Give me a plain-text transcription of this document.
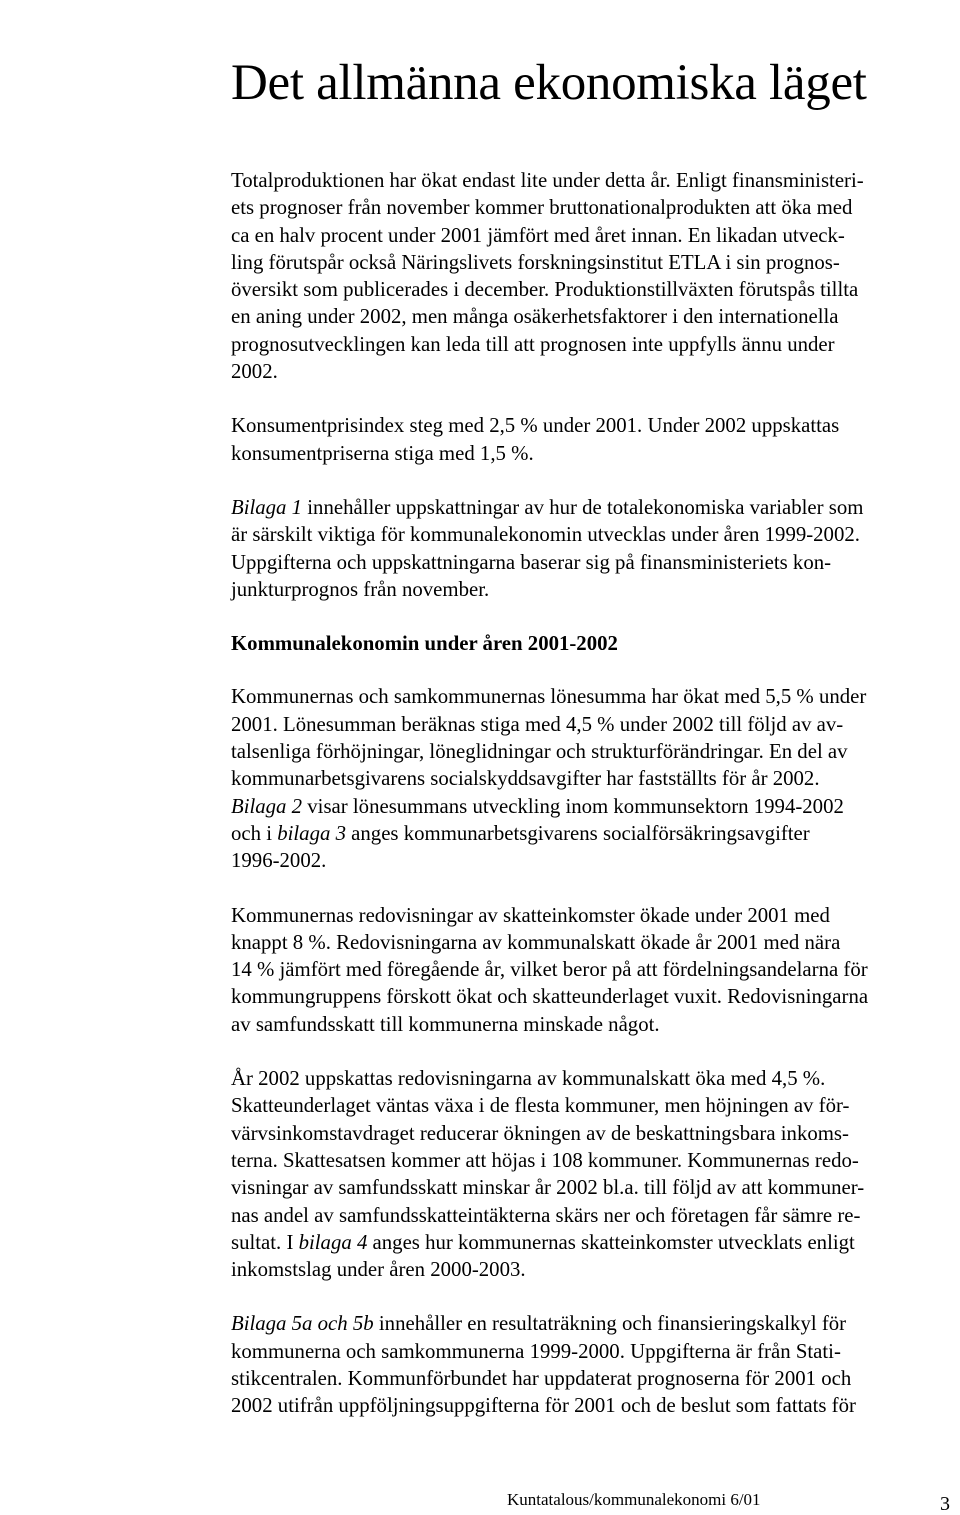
Det allmänna ekonomiska läget

Totalproduktionen har ökat endast lite under detta år. Enligt finansministeri-
ets prognoser från november kommer bruttonationalprodukten att öka med
ca en halv procent under 2001 jämfört med året innan. En likadan utveck-
ling förutspår också Näringslivets forskningsinstitut ETLA i sin prognos-
översikt som publicerades i december. Produktionstillväxten förutspås tillta
en aning under 2002, men många osäkerhetsfaktorer i den internationella
prognosutvecklingen kan leda till att prognosen inte uppfylls ännu under
2002.

Konsumentprisindex steg med 2,5 % under 2001. Under 2002 uppskattas
konsumentpriserna stiga med 1,5 %.

Bilaga 1 innehåller uppskattningar av hur de totalekonomiska variabler som
är särskilt viktiga för kommunalekonomin utvecklas under åren 1999-2002.
Uppgifterna och uppskattningarna baserar sig på finansministeriets kon-
junkturprognos från november.

Kommunalekonomin under åren 2001-2002

Kommunernas och samkommunernas lönesumma har ökat med 5,5 % under
2001. Lönesumman beräknas stiga med 4,5 % under 2002 till följd av av-
talsenliga förhöjningar, löneglidningar och strukturförändringar. En del av
kommunarbetsgivarens socialskyddsavgifter har fastställts för år 2002.
Bilaga 2 visar lönesummans utveckling inom kommunsektorn 1994-2002
och i bilaga 3 anges kommunarbetsgivarens socialförsäkringsavgifter
1996-2002.

Kommunernas redovisningar av skatteinkomster ökade under 2001 med
knappt 8 %. Redovisningarna av kommunalskatt ökade år 2001 med nära
14 % jämfört med föregående år, vilket beror på att fördelningsandelarna för
kommungruppens förskott ökat och skatteunderlaget vuxit. Redovisningarna
av samfundsskatt till kommunerna minskade något.

År 2002 uppskattas redovisningarna av kommunalskatt öka med 4,5 %.
Skatteunderlaget väntas växa i de flesta kommuner, men höjningen av för-
värvsinkomstavdraget reducerar ökningen av de beskattningsbara inkoms-
terna. Skattesatsen kommer att höjas i 108 kommuner. Kommunernas redo-
visningar av samfundsskatt minskar år 2002 bl.a. till följd av att kommuner-
nas andel av samfundsskatteintäkterna skärs ner och företagen får sämre re-
sultat. I bilaga 4 anges hur kommunernas skatteinkomster utvecklats enligt
inkomstslag under åren 2000-2003.

Bilaga 5a och 5b innehåller en resultaträkning och finansieringskalkyl för
kommunerna och samkommunerna 1999-2000. Uppgifterna är från Stati-
stikcentralen. Kommunförbundet har uppdaterat prognoserna för 2001 och
2002 utifrån uppföljningsuppgifterna för 2001 och de beslut som fattats för

Kuntatalous/kommunalekonomi 6/01	3
